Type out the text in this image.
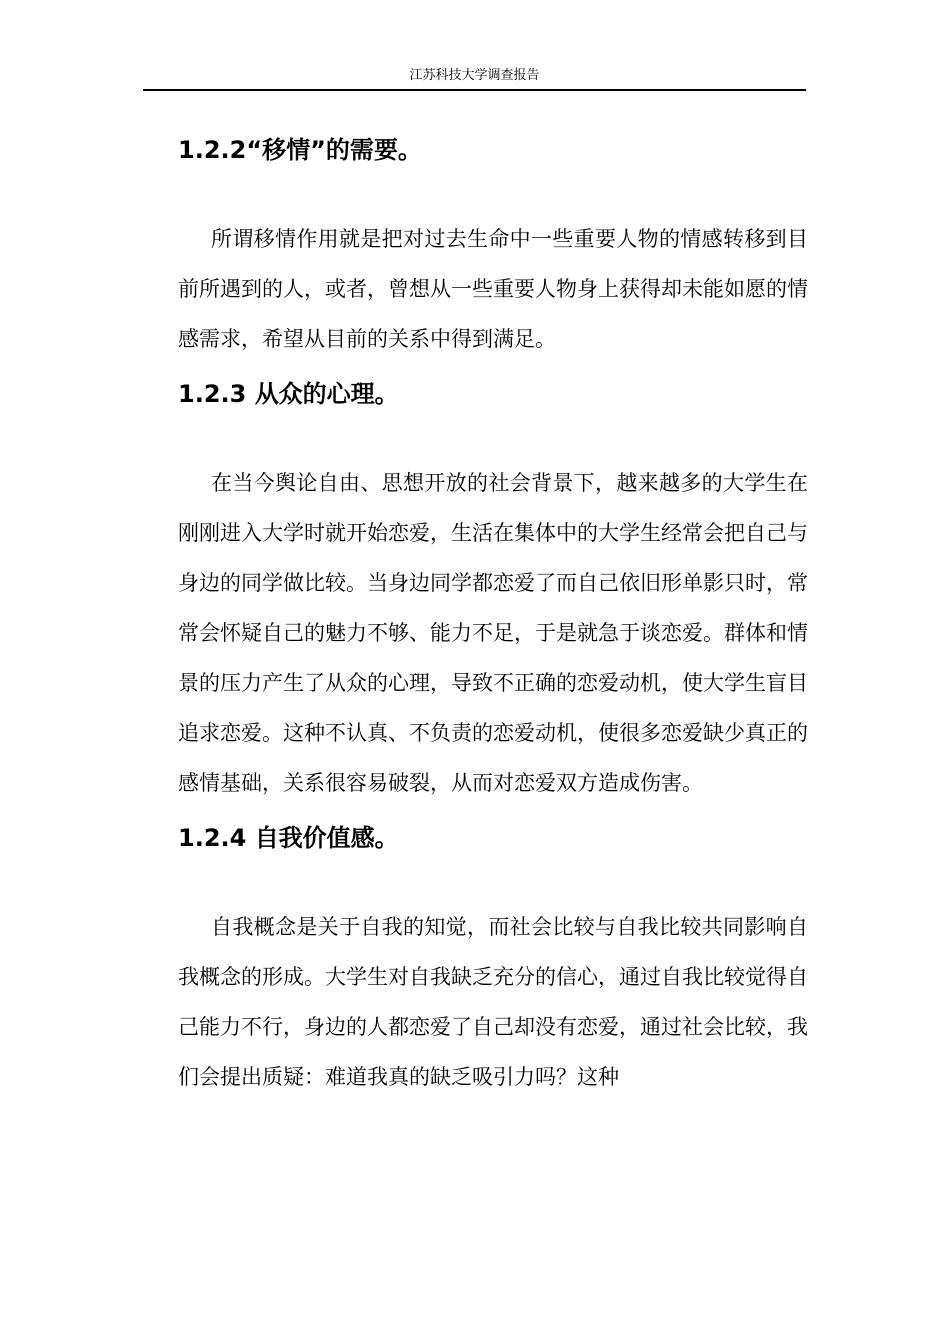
江苏科技大学调查报告
1.2.2“移情”的需要。

所谓移情作用就是把对过去生命中一些重要人物的情感转移到目前所遇到的人，或者，曾想从一些重要人物身上获得却未能如愿的情感需求，希望从目前的关系中得到满足。

1.2.3 从众的心理。

在当今舆论自由、思想开放的社会背景下，越来越多的大学生在刚刚进入大学时就开始恋爱，生活在集体中的大学生经常会把自己与身边的同学做比较。当身边同学都恋爱了而自己依旧形单影只时，常常会怀疑自己的魅力不够、能力不足，于是就急于谈恋爱。群体和情景的压力产生了从众的心理，导致不正确的恋爱动机，使大学生盲目追求恋爱。这种不认真、不负责的恋爱动机，使很多恋爱缺少真正的感情基础，关系很容易破裂，从而对恋爱双方造成伤害。

1.2.4 自我价值感。

自我概念是关于自我的知觉，而社会比较与自我比较共同影响自我概念的形成。大学生对自我缺乏充分的信心，通过自我比较觉得自己能力不行，身边的人都恋爱了自己却没有恋爱，通过社会比较，我们会提出质疑：难道我真的缺乏吸引力吗？这种
